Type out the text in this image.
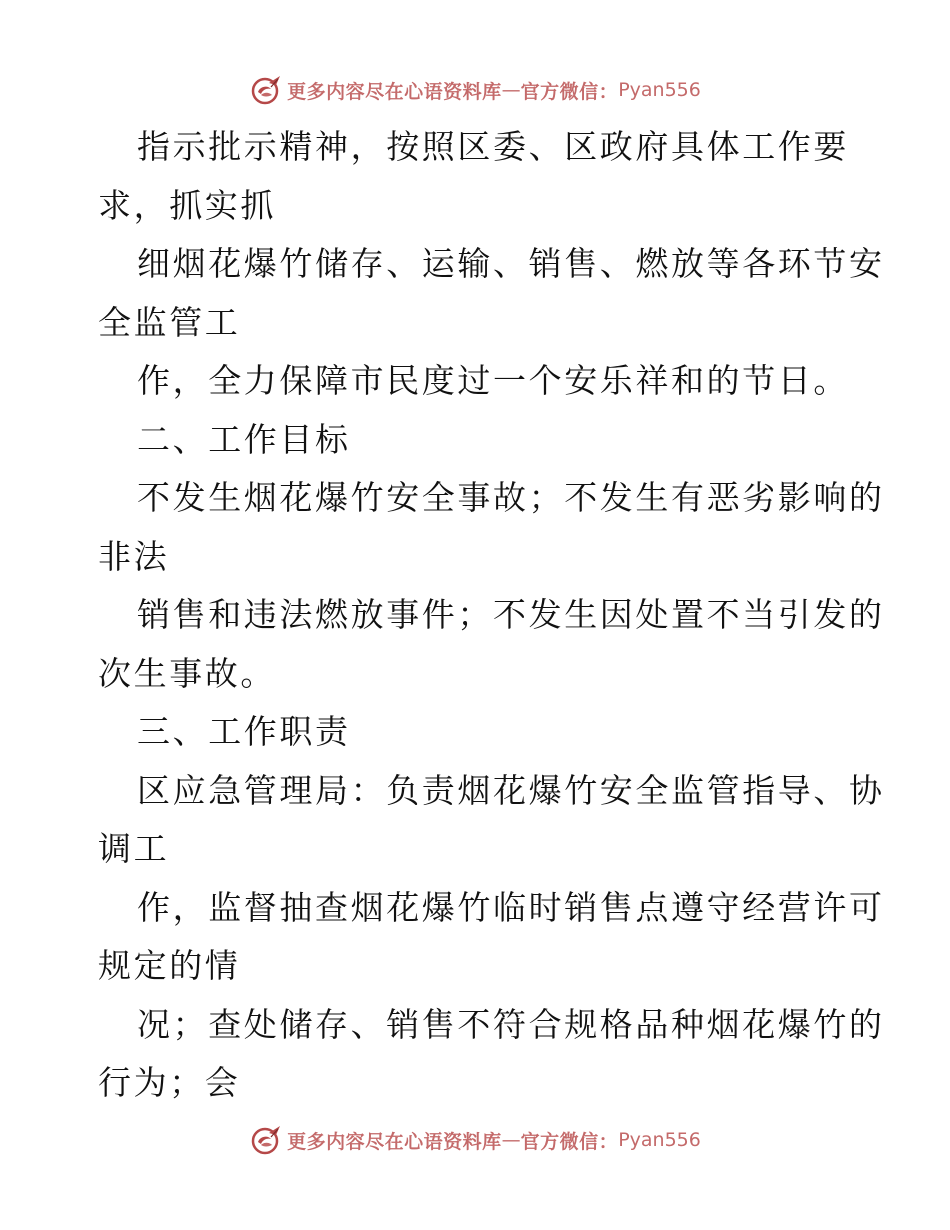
更多内容尽在心语资料库 — 官方微信： Pyan556
指示批示精神，按照区委、区政府具体工作要
求，抓实抓
细烟花爆竹储存、运输、销售、燃放等各环节安
全监管工
作，全力保障市民度过一个安乐祥和的节日。
二、工作目标
不发生烟花爆竹安全事故；不发生有恶劣影响的
非法
销售和违法燃放事件；不发生因处置不当引发的
次生事故。
三、工作职责
区应急管理局：负责烟花爆竹安全监管指导、协
调工
作，监督抽查烟花爆竹临时销售点遵守经营许可
规定的情
况；查处储存、销售不符合规格品种烟花爆竹的
行为；会
更多内容尽在心语资料库 — 官方微信： Pyan556
